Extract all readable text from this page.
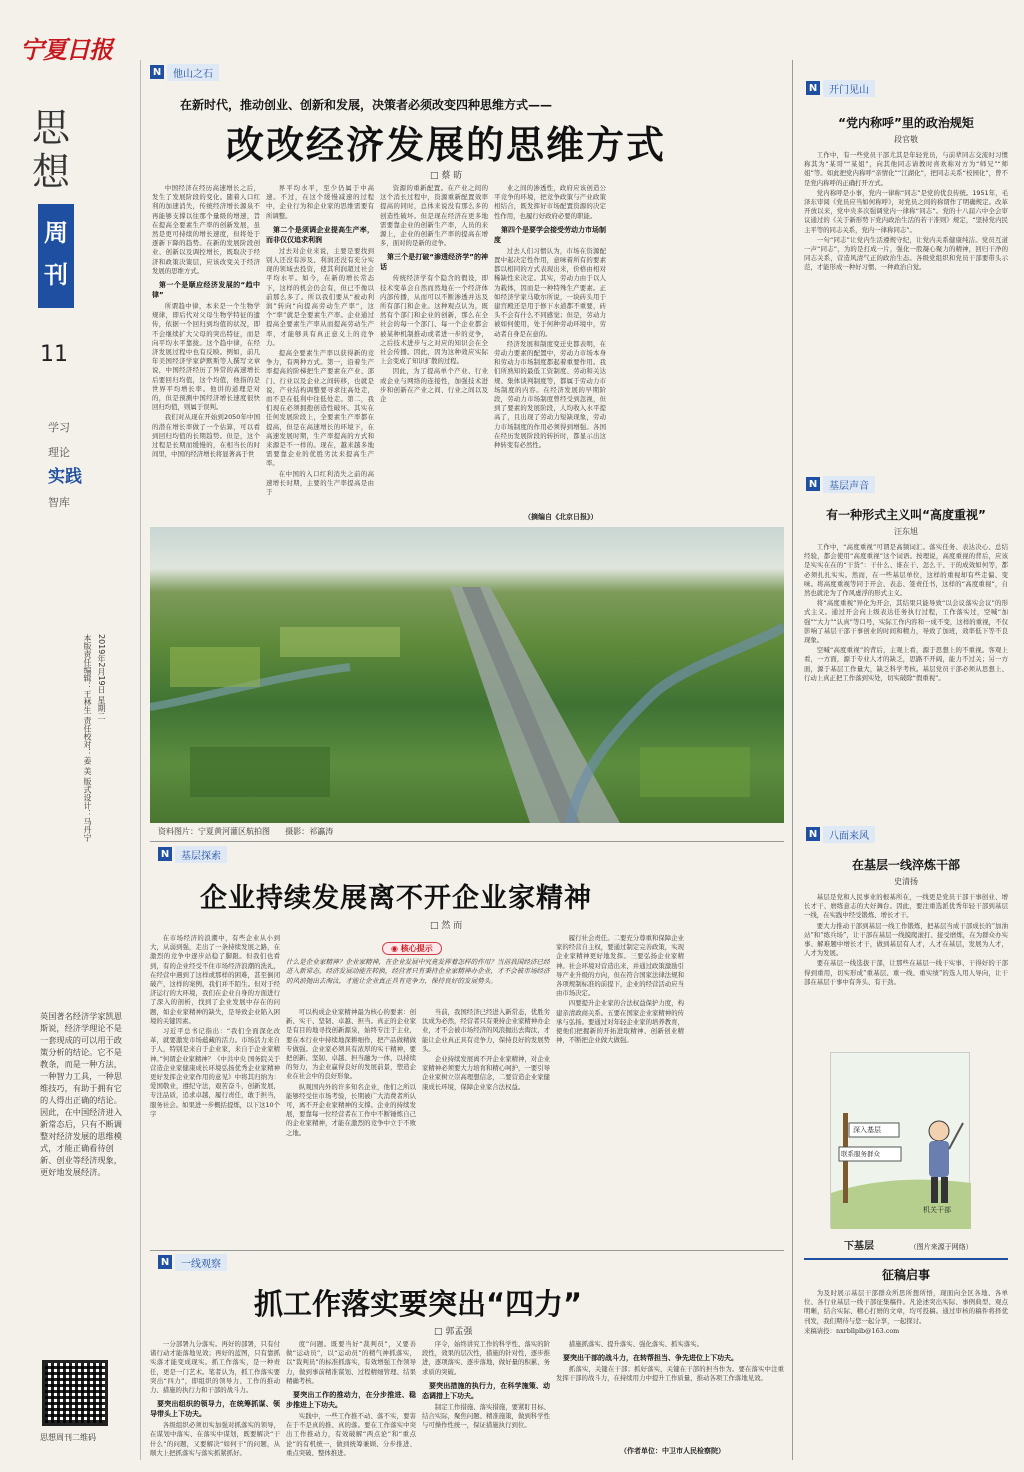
宁夏日报
思
想
周
刊
11
学习
理论
实践
智库
2019年2月19日 星期二
本版责任编辑：王林生 责任校对：姜 美 版式设计：马丹宁
英国著名经济学家凯恩斯说，经济学理论不是一套现成的可以用于政策分析的结论。它不是教条，而是一种方法，一种智力工具，一种思维技巧，有助于拥有它的人得出正确的结论。因此，在中国经济进入新常态后，只有不断调整对经济发展的思维模式，才能正确看待创新、创业等经济现象，更好地发展经济。
思想周刊二维码
N	他山之石
在新时代，推动创业、创新和发展，决策者必须改变四种思维方式——
改改经济发展的思维方式
□ 蔡 昉

中国经济在经历高速增长之后，发生了发展阶段的变化。随着人口红利的加速消失，传统经济增长源泉不再能够支撑以往那个量级的增速，旨在提高全要素生产率的创新发展，虽然是更可持续的增长速度，但将处于逐新下降的趋势。在新的发展阶段创业、创新以及调控增长，既取决于经济和政策决策层，应该改变关于经济发展的思维方式。

第一个是顺应经济发展的“趋中律”

所谓趋中律，本来是一个生物学规律，即后代对父母生物学特征的遗传，依据一个回归到均值的状况，即不会继续扩大父母的突出特征，而是向平均水平靠拢。这个趋中律，在经济发展过程中也有反映。例如，前几年美国经济学家萨默斯等人撰写文章说，中国经济经历了异常的高速增长后要回归均值，这个均值，他指的是世界平均增长率。他讲的道理是对的，但是预测中国经济增长速度很快回归均值，则属于误判。

我们对从现在开始到2050年中国的潜在增长率做了一个估算，可以看到回归均值的长期趋势。但是，这个过程是长期而缓慢的，在相当长的时间里，中国的经济增长将显著高于世

界平均水平，至少仍属于中高速。不过，在这个缓慢减速的过程中，企业行为和企业家的思维需要有所调整。

第二个是须调企业提高生产率，而非仅仅追求利润

过去对企业来说，主要是要找到别人还没有涉及、利润还没有充分实现的领域去投资，使其利润超过社会平均水平。如今，在新的增长常态下，这样的机会仍会有，但已不像以前那么多了。所以我们要从“被动利润”转向“向提高劳动生产率”，这个“率”就是全要素生产率。企业通过提高全要素生产率从而提高劳动生产率，才能够具有真正意义上的竞争力。

提高全要素生产率以获得新的竞争力，有两种方式。第一，沿着生产率提高的阶梯把生产要素在产业、部门、行业以及企业之间转移，也就是说，产业结构调整要寻求往高处走，而不是在低利中往低处走。第二，我们现在必须拥抱创造性破坏。其实在任何发展阶段上，全要素生产率都在提高，但是在高速增长的环境下，在高速发展时期，生产率提高的方式和来源是不一样的。现在，越来越多地需要靠企业的优胜劣汰来提高生产率。

在中国的入口红利消失之前的高速增长时期，主要的生产率提高是由于

资源的重新配置。在产业之间的这个消长过程中，资源重新配置效率提高的同时，总体来说没有那么多的创造性破坏。但是现在经济在更多地需要靠企业的创新生产率，人员的来源上，企业的创新生产率的提高在增多，面对的是新的竞争。

第三个是打破“渗透经济学”的神话

传统经济学有个隐含的假设，即技术变革会自然而然地在一个经济体内部传播，从而可以不断渗透并达及所有部门和企业。这种观点认为，既然有个部门和企业的创新，那么在全社会的每一个部门、每一个企业都会被某种机制推动或者进一步的竞争，之后技术进步与之对应的知识会在全社会传播。因此，因为这种效应实际上会变成了知识扩散的过程。

因此，为了提高单个产业、行业或企业与网络的连接性，加强技术进步和创新在产业之间、行业之间以及企

业之间的渗透性，政府应该创造公平竞争的环境，把竞争政策与产业政策相结合，既发挥好市场配置资源的决定性作用，也履行好政府必要的职能。

第四个是要学会接受劳动力市场制度

过去人们习惯认为，市场在资源配置中起决定性作用，意味着所有的要素都以相同的方式表现出来，价格由相对稀缺性来决定。其实，劳动力由于以人为载体，因而是一种特殊生产要素。正如经济学家马歇尔所说，一块砖头用于建宫殿还是用于修下水道都不重要，砖头不会有什么不同感觉；但是，劳动力被如何使用，处于何种劳动环境中，劳动者自身是在意的。

经济发展和制度变迁史都表明，在劳动力要素的配置中，劳动力市场本身和劳动力市场制度都起着重要作用。我们所熟知的最低工资制度、劳动和关达规、集体谈判制度等，都属于劳动力市场制度的内容。在经济发展的早期阶段，劳动力市场制度曾经受到忽视，但到了要素的发展阶段，人均收入水平提高了，且出现了劳动力短缺现象，劳动力市场制度的作用必须得到增强。各国在经历发展阶段的转折时，都显示出这种转变有必然性。

（摘编自《北京日报》）
资料图片：宁夏黄河灌区航拍图 摄影：祁瀛涛
N	基层探索
企业持续发展离不开企业家精神
□ 然 而

在市场经济的浪潮中，有些企业从小到大，从弱到强，走出了一条持续发展之路，在激烈的竞争中逐步站稳了脚跟。但我们也看到，有的企业经受不住市场经济浪潮的洗礼，在经营中遇到了这样或那样的困难，甚至倒闭破产，这样的案例，我们并不陌生。但对于经济运行的大环境，我们在企业自身的方面进行了深入的剖析，找到了企业发展中存在的问题，如企业家精神的缺失，是导致企业陷入困境的关键因素。

习近平总书记指出：“我们全面深化改革，就要激发市场蕴藏的活力。市场活力来自于人，特别是来自于企业家，来自于企业家精神。”何谓企业家精神？《中共中央 国务院关于营造企业家健康成长环境弘扬优秀企业家精神更好发挥企业家作用的意见》中将其归纳为：爱国敬业，遵纪守法，艰苦奋斗，创新发展，专注品质，追求卓越，履行责任，敢于担当，服务社会。如果进一步概括提炼，以下这10个字

◉ 核心提示
什么是企业家精神？企业家精神，在企业发展中究竟发挥着怎样的作用？当前我国经济已经进入新常态，经济发展动能在转换，经营者只有秉持企业家精神办企业，才不会被市场经济的风浪抛出去淘汰，才能让企业真正具有竞争力，保持良好的发展势头。

可以构成企业家精神最为核心的要素：创新、实干、坚韧、卓越、担当。真正的企业家是有目的地寻找创新源泉，始终专注于主业，要在本行业中持续地深耕细作，把产品做精做专做强。企业家必须具有浓厚的实干精神，要把创新、坚韧、卓越、担当融为一体，以持续的努力，为企业赢得良好的发展前景，塑造企业在社会中的良好形象。

纵观国内外的许多知名企业，他们之所以能够经受住市场考验，长期被广大消费者所认可，离不开企业家精神的支撑。企业的持续发展，要靠每一位经营者在工作中不断锤炼自己的企业家精神，才能在激烈的竞争中立于不败之地。

当前，我国经济已经进入新常态，优胜劣汰成为必然，经营者只有秉持企业家精神办企业，才不会被市场经济的风浪抛出去淘汰，才能让企业真正具有竞争力，保持良好的发展势头。

企业持续发展离不开企业家精神，对企业家精神必须要大力培育和精心呵护，一要引导企业家树立崇高理想信念，二要营造企业家健康成长环境，保障企业家合法权益。

履行社会责任。二要充分尊重和保障企业家的经营自主权，要通过制定完善政策，实现企业家精神更好地发挥。三要弘扬企业家精神。社会环境对营造出来，并通过政策激励引导产业升级的方向，但在符合国家法律法规和各项规制标准的前提下，企业的经营活动应当由市场决定。

四要提升企业家的合法权益保护力度，构建亲清政商关系。五要在国家企业家精神的传承与弘扬。要通过对年轻企业家的培养教育，使他们把握新的开拓进取精神、创新创业精神，不断把企业做大做强。

N	一线观察
抓工作落实要突出“四力”
□ 郭孟强

一分部署九分落实。再好的部署，只有付诸行动才能落地见效；再好的蓝图，只有靠抓实落才能变成现实。抓工作落实，是一种责任，更是一门艺术。笔者认为，抓工作落实要突出“四力”，即组织的领导力、工作的推动力、措施的执行力和干部的战斗力。

要突出组织的领导力，在统筹抓谋、领导带头上下功夫。

各级组织必须切实加强对抓落实的领导，在谋划中落实、在落实中谋划，既要解决“干什么”的问题，又要解决“如何干”的问题，从顺大上把抓落实与落实抓紧抓好。

度”问题。既要当好“裁判员”，又要善做“运动员”，以“运动员”的精气神抓落实，以“裁判员”的标准抓落实，有效增强工作领导力，做到事前精准谋划、过程精细管理、结果精确考核。

要突出工作的推动力，在分步推进、稳步推进上下功夫。

实践中，一些工作推不动、落不实，要害在于不是真的推、真的落。要在工作落实中突出工作推动力，有效破解“两点论”和“重点论”的有机统一，做到统筹兼顾、分步推进、重点突破、整体推进。

序令，始终讲究工作的科学性、落实的阶段性，效果的层次性，措施的针对性，逐步推进，逐项落实、逐步落地，做好量的积累、务求质的突破。

要突出措施的执行力，在科学施策、动态调措上下功夫。

制定工作措施、落实措施，要紧盯目标、结合实际，聚焦问题、精准施策，做到科学性与可操作性统一，保证措施执行到位。

措施抓落实、提升落实、强化落实、抓实落实。

要突出干部的战斗力，在转帮担当、争先进位上下功夫。

抓落实，关键在干部；抓好落实，关键在干部的担当作为。要在落实中注重发挥干部的战斗力，在持续用力中提升工作质量，推动各项工作落地见效。

（作者单位：中卫市人民检察院）
N	开门见山
“党内称呼”里的政治规矩
段官敬

工作中，有一些党员干部尤其是年轻党员，与前辈同志交流时习惯称其为“某哥”“某姐”，向其他同志请教时喜欢称对方为“师兄”“师姐”等。如此把党内称呼“亲情化”“江湖化”，把同志关系“校园化”，曾不是党内称呼的正确打开方式。

党内称呼是小事，党内一律称“同志”是党的优良传统。1951年，毛泽东审阅《党员应当如何称呼》，对党员之间的称谓作了明确规定。改革开放以来，党中央多次强调党内一律称“同志”。党的十八届六中全会审议通过的《关于新形势下党内政治生活的若干准则》规定，“坚持党内民主平等的同志关系，党内一律称同志”。

一句“同志”让党内生活遵规守纪，让党内关系健康纯洁。党员互道一声“同志”，为的是打成一片，强化一股凝心聚力的精神，回归干净的同志关系，营造风清气正的政治生态。各级党组织和党员干部要带头示范，才能形成一种好习惯、一种政治自觉。

N	基层声音
有一种形式主义叫“高度重视”
汪东旭

工作中，“高度重视”可谓是高频词汇。落实任务、表达决心、总结经验，都会使用“高度重视”这个词语。按理说，高度重视的背后，应该是实实在在的“干货”：干什么、谁在干、怎么干、干的成效如何等，都必须扎扎实实。然而，在一些基层单位，这样的重视却有些走偏、变味。将高度重视等同于开会、表态、签责任书，这样的“高度重视”，自然也就沦为了作风虚浮的形式主义。

将“高度重视”异化为开会，其结果只能导致“以会议落实会议”的形式主义。通过开会向上级表达任务执行过程，工作落实过，空喊“加强”“大力”“认真”等口号，实际工作内容和一成不变，这样的重视，不仅影响了基层干部干事创业的时间和精力，导致了加班，效率低下等不良现象。

空喊“高度重视”的背后，主观上看，源于思想上的不重视。客观上看，一方面，源于专业人才的缺乏，思路不开阔，能力不过关；另一方面，源于基层工作量大，缺乏科学考核。基层党员干部必须从思想上、行动上真正把工作落到实处，切实破除“假重视”。

N	八面来风
在基层一线淬炼干部
史清扬

基层是党和人民事业的根基所在，一线更是党员干部干事创业、增长才干、磨练意志的大好舞台。因此，要注重选派优秀年轻干部到基层一线，在实践中经受锻炼、增长才干。

要大力推动干部到基层一线工作锻炼，把基层当成干部成长的“加油站”和“练兵场”，让干部在基层一线摸爬滚打、接受磨炼，在为群众办实事、解难题中增长才干，做到基层有人才，人才在基层，发展为人才，人才为发展。

要在基层一线选拔干部，让那些在基层一线干实事、干得好的干部得到重用，切实形成“重基层、重一线、重实绩”的选人用人导向，让干部在基层干事中有奔头、有干劲。

深入基层
联系服务群众
机关干部
下基层	（图片来源于网络）
征稿启事

为及时展示基层干部群众所思所想所悟，现面向全区各地、各单位、各行业基层一线干部征集稿件。凡论述突出实际、事例典型、观点明晰，结合实际、精心打磨的文章，均可投稿。通过审核的稿件将择优刊发，我们期待与您一起分享，一起探讨。

来稿请投：nxrbllplb@163.com
